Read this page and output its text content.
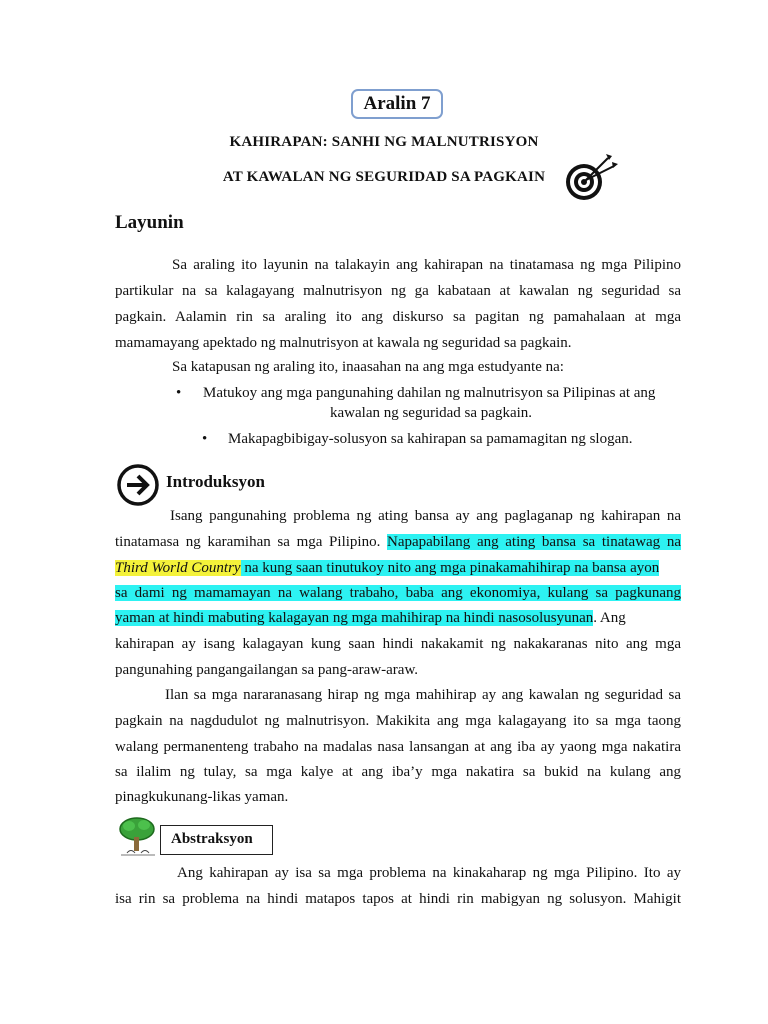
Aralin 7
KAHIRAPAN: SANHI NG MALNUTRISYON
AT KAWALAN NG SEGURIDAD SA PAGKAIN
Layunin
Sa araling ito layunin na talakayin ang kahirapan na tinatamasa ng mga Pilipino
partikular na sa kalagayang malnutrisyon ng ga kabataan at kawalan ng seguridad sa
pagkain. Aalamin rin sa araling ito ang diskurso sa pagitan ng pamahalaan at mga
mamamayang apektado ng malnutrisyon at kawala ng seguridad sa pagkain.
Sa katapusan ng araling ito, inaasahan na ang mga estudyante na:
• Matukoy ang mga pangunahing dahilan ng malnutrisyon sa Pilipinas at ang
kawalan ng seguridad sa pagkain.
• Makapagbibigay-solusyon sa kahirapan sa pamamagitan ng slogan.
Introduksyon
Isang pangunahing problema ng ating bansa ay ang paglaganap ng kahirapan na
tinatamasa ng karamihan sa mga Pilipino. Napapabilang ang ating bansa sa tinatawag na
Third World Country na kung saan tinutukoy nito ang mga pinakamahihirap na bansa ayon
sa dami ng mamamayan na walang trabaho, baba ang ekonomiya, kulang sa pagkunang
yaman at hindi mabuting kalagayan ng mga mahihirap na hindi nasosolusyunan. Ang
kahirapan ay isang kalagayan kung saan hindi nakakamit ng nakakaranas nito ang mga
pangunahing pangangailangan sa pang-araw-araw.
Ilan sa mga nararanasang hirap ng mga mahihirap ay ang kawalan ng seguridad sa
pagkain na nagdudulot ng malnutrisyon. Makikita ang mga kalagayang ito sa mga taong
walang permanenteng trabaho na madalas nasa lansangan at ang iba ay yaong mga nakatira
sa ilalim ng tulay, sa mga kalye at ang iba’y mga nakatira sa bukid na kulang ang
pinagkukunang-likas yaman.
Abstraksyon
Ang kahirapan ay isa sa mga problema na kinakaharap ng mga Pilipino. Ito ay
isa rin sa problema na hindi matapos tapos at hindi rin mabigyan ng solusyon. Mahigit
